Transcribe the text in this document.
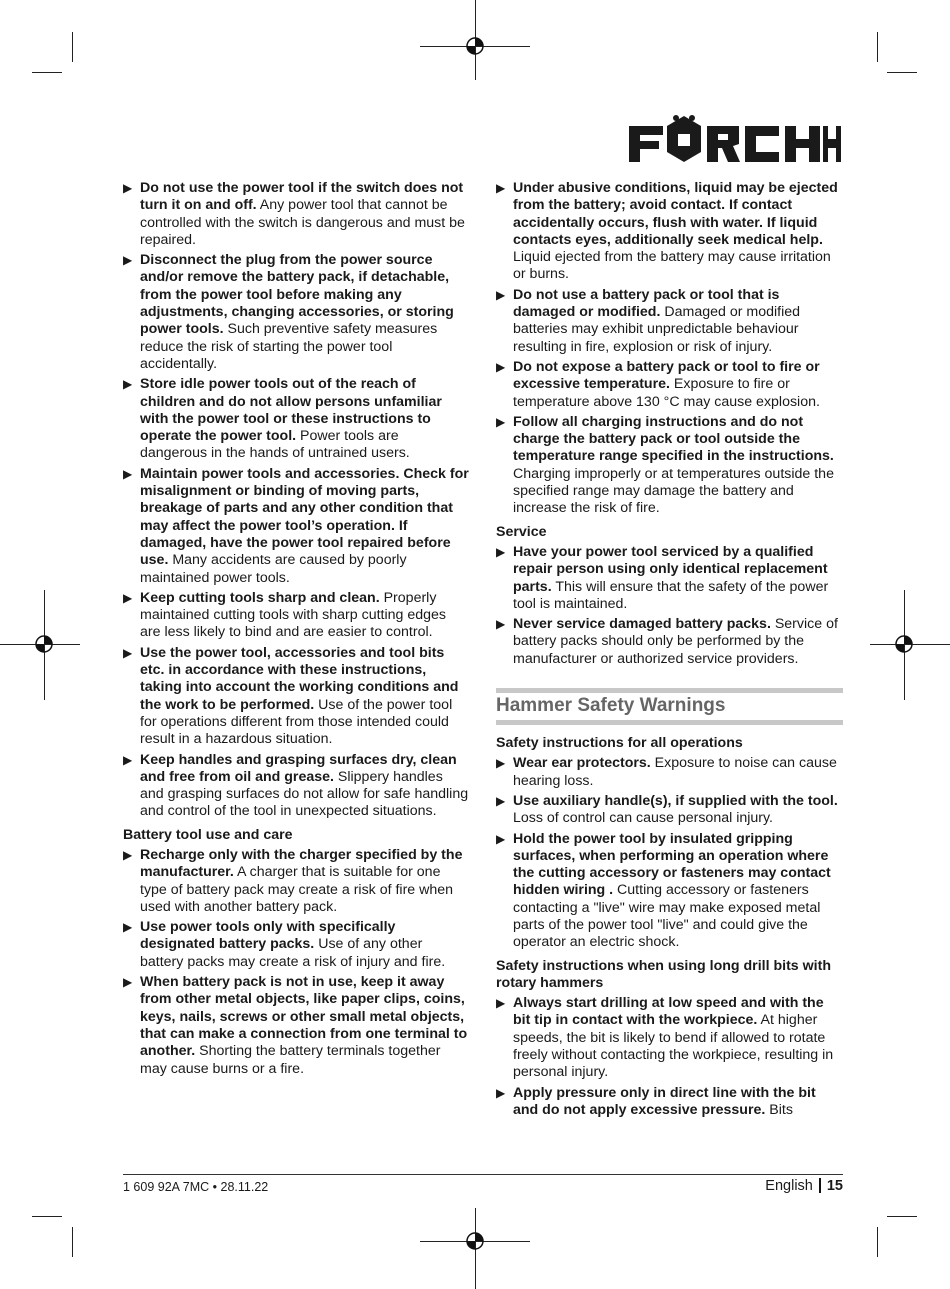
▶ Do not use the power tool if the switch does not turn it on and off. Any power tool that cannot be controlled with the switch is dangerous and must be repaired.
▶ Disconnect the plug from the power source and/or remove the battery pack, if detachable, from the power tool before making any adjustments, changing accessories, or storing power tools. Such preventive safety measures reduce the risk of starting the power tool accidentally.
▶ Store idle power tools out of the reach of children and do not allow persons unfamiliar with the power tool or these instructions to operate the power tool. Power tools are dangerous in the hands of untrained users.
▶ Maintain power tools and accessories. Check for misalignment or binding of moving parts, breakage of parts and any other condition that may affect the power tool’s operation. If damaged, have the power tool repaired before use. Many accidents are caused by poorly maintained power tools.
▶ Keep cutting tools sharp and clean. Properly maintained cutting tools with sharp cutting edges are less likely to bind and are easier to control.
▶ Use the power tool, accessories and tool bits etc. in accordance with these instructions, taking into account the working conditions and the work to be performed. Use of the power tool for operations different from those intended could result in a hazardous situation.
▶ Keep handles and grasping surfaces dry, clean and free from oil and grease. Slippery handles and grasping surfaces do not allow for safe handling and control of the tool in unexpected situations.
Battery tool use and care
▶ Recharge only with the charger specified by the manufacturer. A charger that is suitable for one type of battery pack may create a risk of fire when used with another battery pack.
▶ Use power tools only with specifically designated battery packs. Use of any other battery packs may create a risk of injury and fire.
▶ When battery pack is not in use, keep it away from other metal objects, like paper clips, coins, keys, nails, screws or other small metal objects, that can make a connection from one terminal to another. Shorting the battery terminals together may cause burns or a fire.
▶ Under abusive conditions, liquid may be ejected from the battery; avoid contact. If contact accidentally occurs, flush with water. If liquid contacts eyes, additionally seek medical help. Liquid ejected from the battery may cause irritation or burns.
▶ Do not use a battery pack or tool that is damaged or modified. Damaged or modified batteries may exhibit unpredictable behaviour resulting in fire, explosion or risk of injury.
▶ Do not expose a battery pack or tool to fire or excessive temperature. Exposure to fire or temperature above 130 °C may cause explosion.
▶ Follow all charging instructions and do not charge the battery pack or tool outside the temperature range specified in the instructions. Charging improperly or at temperatures outside the specified range may damage the battery and increase the risk of fire.
Service
▶ Have your power tool serviced by a qualified repair person using only identical replacement parts. This will ensure that the safety of the power tool is maintained.
▶ Never service damaged battery packs. Service of battery packs should only be performed by the manufacturer or authorized service providers.
Hammer Safety Warnings
Safety instructions for all operations
▶ Wear ear protectors. Exposure to noise can cause hearing loss.
▶ Use auxiliary handle(s), if supplied with the tool. Loss of control can cause personal injury.
▶ Hold the power tool by insulated gripping surfaces, when performing an operation where the cutting accessory or fasteners may contact hidden wiring . Cutting accessory or fasteners contacting a "live" wire may make exposed metal parts of the power tool "live" and could give the operator an electric shock.
Safety instructions when using long drill bits with rotary hammers
▶ Always start drilling at low speed and with the bit tip in contact with the workpiece. At higher speeds, the bit is likely to bend if allowed to rotate freely without contacting the workpiece, resulting in personal injury.
▶ Apply pressure only in direct line with the bit and do not apply excessive pressure. Bits
1 609 92A 7MC • 28.11.22	English 15
